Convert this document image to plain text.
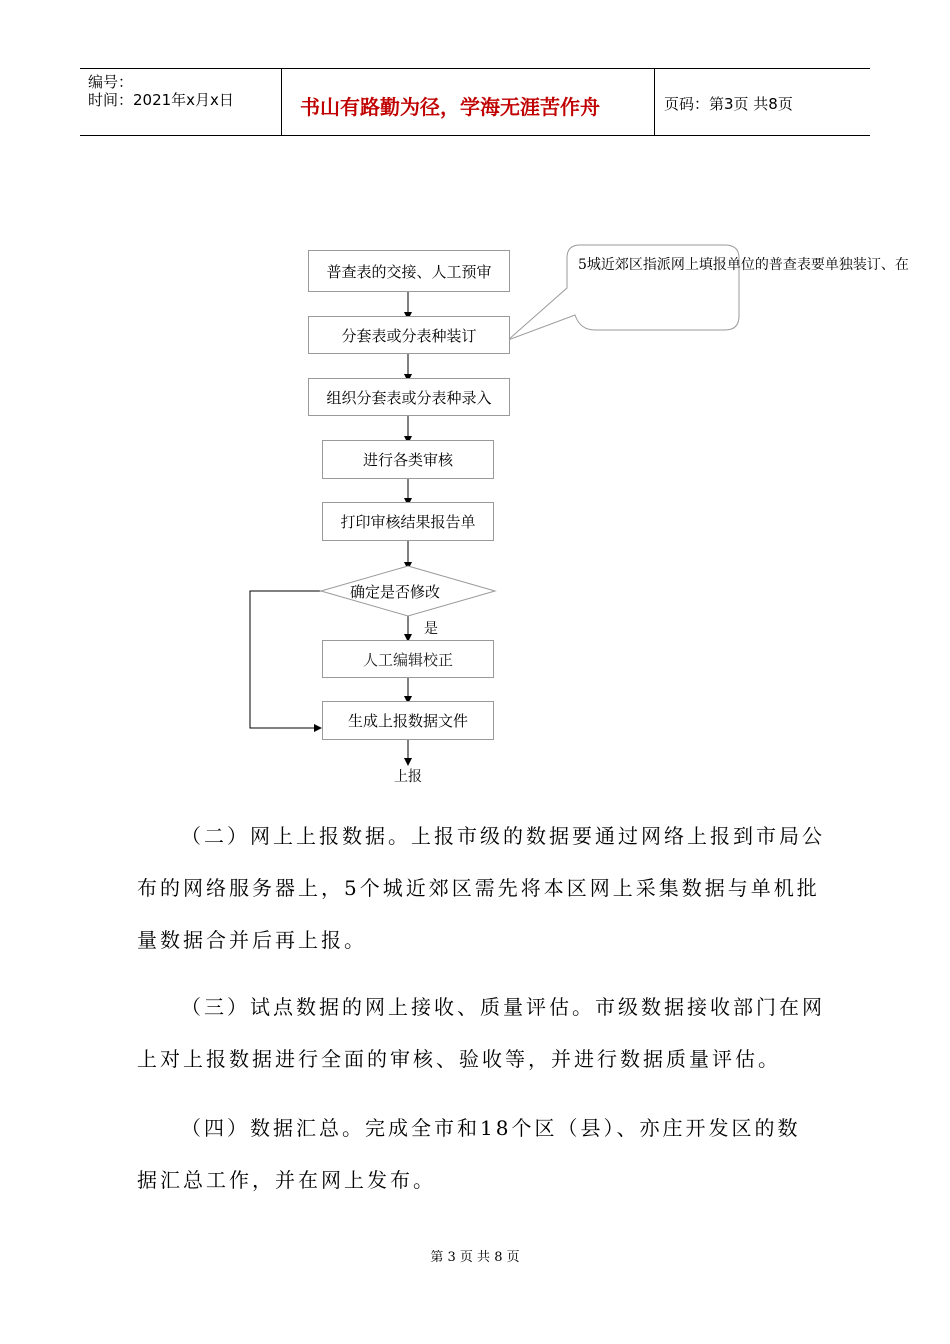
编号：
时间：2021年x月x日	书山有路勤为径，学海无涯苦作舟	页码：第3页 共8页
普查表的交接、人工预审
分套表或分表种装订
组织分套表或分表种录入
进行各类审核
打印审核结果报告单
确定是否修改
是
人工编辑校正
生成上报数据文件
上报
5城近郊区指派网上填报单位的普查表要单独装订、在
（二）网上上报数据。上报市级的数据要通过网络上报到市局公
布的网络服务器上，5个城近郊区需先将本区网上采集数据与单机批
量数据合并后再上报。
（三）试点数据的网上接收、质量评估。市级数据接收部门在网
上对上报数据进行全面的审核、验收等，并进行数据质量评估。
（四）数据汇总。完成全市和18个区（县）、亦庄开发区的数
据汇总工作，并在网上发布。
第 3 页 共 8 页
